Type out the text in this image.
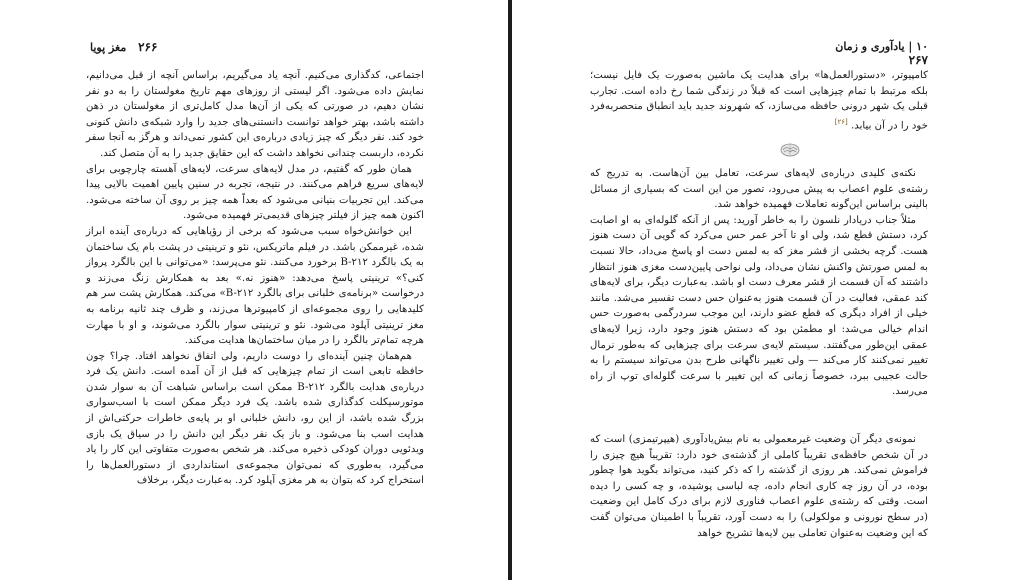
۲۶۶ مغز پویا

اجتماعی، کدگذاری می‌کنیم. آنچه یاد می‌گیریم، براساس آنچه از قبل می‌دانیم، نمایش داده می‌شود. اگر لیستی از روزهای مهم تاریخ مغولستان را به دو نفر نشان دهیم، در صورتی که یکی از آن‌ها مدل کامل‌تری از مغولستان در ذهن داشته باشد، بهتر خواهد توانست دانستنی‌های جدید را وارد شبکه‌ی دانش کنونی خود کند. نفر دیگر که چیز زیادی درباره‌ی این کشور نمی‌داند و هرگز به آنجا سفر نکرده، داربست چندانی نخواهد داشت که این حقایق جدید را به آن متصل کند.

همان طور که گفتیم، در مدل لایه‌های سرعت، لایه‌های آهسته چارچوبی برای لایه‌های سریع فراهم می‌کنند. در نتیجه، تجربه در سنین پایین اهمیت بالایی پیدا می‌کند. این تجربیات بنیانی می‌شود که بعداً همه چیز بر روی آن ساخته می‌شود. اکنون همه چیز از فیلتر چیزهای قدیمی‌تر فهمیده می‌شود.

این خوانش‌خواه سبب می‌شود که برخی از رؤیاهایی که درباره‌ی آینده ابراز شده، غیرممکن باشد. در فیلم ماتریکس، نئو و ترینیتی در پشت بام یک ساختمان به یک بالگرد B-۲۱۲ برخورد می‌کنند. نئو می‌پرسد: «می‌توانی با این بالگرد پرواز کنی؟» ترینیتی پاسخ می‌دهد: «هنوز نه.» بعد به همکارش زنگ می‌زند و درخواست «برنامه‌ی خلبانی برای بالگرد B-۲۱۲» می‌کند. همکارش پشت سر هم کلیدهایی را روی مجموعه‌ای از کامپیوترها می‌زند، و ظرف چند ثانیه برنامه به مغز ترینیتی آپلود می‌شود. نئو و ترینیتی سوار بالگرد می‌شوند، و او با مهارت هرچه تمام‌تر بالگرد را در میان ساختمان‌ها هدایت می‌کند.

هم‌همان چنین آینده‌ای را دوست داریم، ولی اتفاق نخواهد افتاد. چرا؟ چون حافظه تابعی است از تمام چیزهایی که قبل از آن آمده است. دانش یک فرد درباره‌ی هدایت بالگرد B-۲۱۲ ممکن است براساس شباهت آن به سوار شدن موتورسیکلت کدگذاری شده باشد. یک فرد دیگر ممکن است با اسب‌سواری بزرگ شده باشد، از این رو، دانش خلبانی او بر پایه‌ی خاطرات حرکتی‌اش از هدایت اسب بنا می‌شود. و باز یک نفر دیگر این دانش را در سیاق یک بازی ویدئویی دوران کودکی ذخیره می‌کند. هر شخص به‌صورت متفاوتی این کار را یاد می‌گیرد، به‌طوری که نمی‌توان مجموعه‌ی استانداردی از دستورالعمل‌ها را استخراج کرد که بتوان به هر مغزی آپلود کرد. به‌عبارت دیگر، برخلاف

۱۰ | یادآوری و زمان ۲۶۷

کامپیوتر، «دستورالعمل‌ها» برای هدایت یک ماشین به‌صورت یک فایل نیست؛ بلکه مرتبط با تمام چیزهایی است که قبلاً در زندگی شما رخ داده است. تجارب قبلی یک شهر درونی حافظه می‌سازد، که شهروند جدید باید انطباق منحصربه‌فرد خود را در آن بیابد. [۲۶]

نکته‌ی کلیدی درباره‌ی لایه‌های سرعت، تعامل بین آن‌هاست. به تدریج که رشته‌ی علوم اعصاب به پیش می‌رود، تصور من این است که بسیاری از مسائل بالینی براساس این‌گونه تعاملات فهمیده خواهد شد.

مثلاً جناب دریادار نلسون را به خاطر آورید: پس از آنکه گلوله‌ای به او اصابت کرد، دستش قطع شد، ولی او تا آخر عمر حس می‌کرد که گویی آن دست هنوز هست. گرچه بخشی از قشر مغز که به لمس دست او پاسخ می‌داد، حالا نسبت به لمس صورتش واکنش نشان می‌داد، ولی نواحی پایین‌دست مغزی هنوز انتظار داشتند که آن قسمت از قشر معرف دست او باشد. به‌عبارت دیگر، برای لایه‌های کند عمقی، فعالیت در آن قسمت هنوز به‌عنوان حس دست تفسیر می‌شد. مانند خیلی از افراد دیگری که قطع عضو دارند، این موجب سردرگمی به‌صورت حس اندام خیالی می‌شد: او مطمئن بود که دستش هنوز وجود دارد، زیرا لایه‌های عمقی این‌طور می‌گفتند. سیستم لایه‌ی سرعت برای چیزهایی که به‌طور نرمال تغییر نمی‌کنند کار می‌کند — ولی تغییر ناگهانی طرح بدن می‌تواند سیستم را به حالت عجیبی ببرد، خصوصاً زمانی که این تغییر با سرعت گلوله‌ای توپ از راه می‌رسد.

نمونه‌ی دیگر آن وضعیت غیرمعمولی به نام بیش‌یادآوری (هیپرتیمزی) است که در آن شخص حافظه‌ی تقریباً کاملی از گذشته‌ی خود دارد: تقریباً هیچ چیزی را فراموش نمی‌کند. هر روزی از گذشته را که ذکر کنید، می‌تواند بگوید هوا چطور بوده، در آن روز چه کاری انجام داده، چه لباسی پوشیده، و چه کسی را دیده است. وقتی که رشته‌ی علوم اعصاب فناوری لازم برای درک کامل این وضعیت (در سطح نورونی و مولکولی) را به دست آورد، تقریباً با اطمینان می‌توان گفت که این وضعیت به‌عنوان تعاملی بین لایه‌ها تشریح خواهد
